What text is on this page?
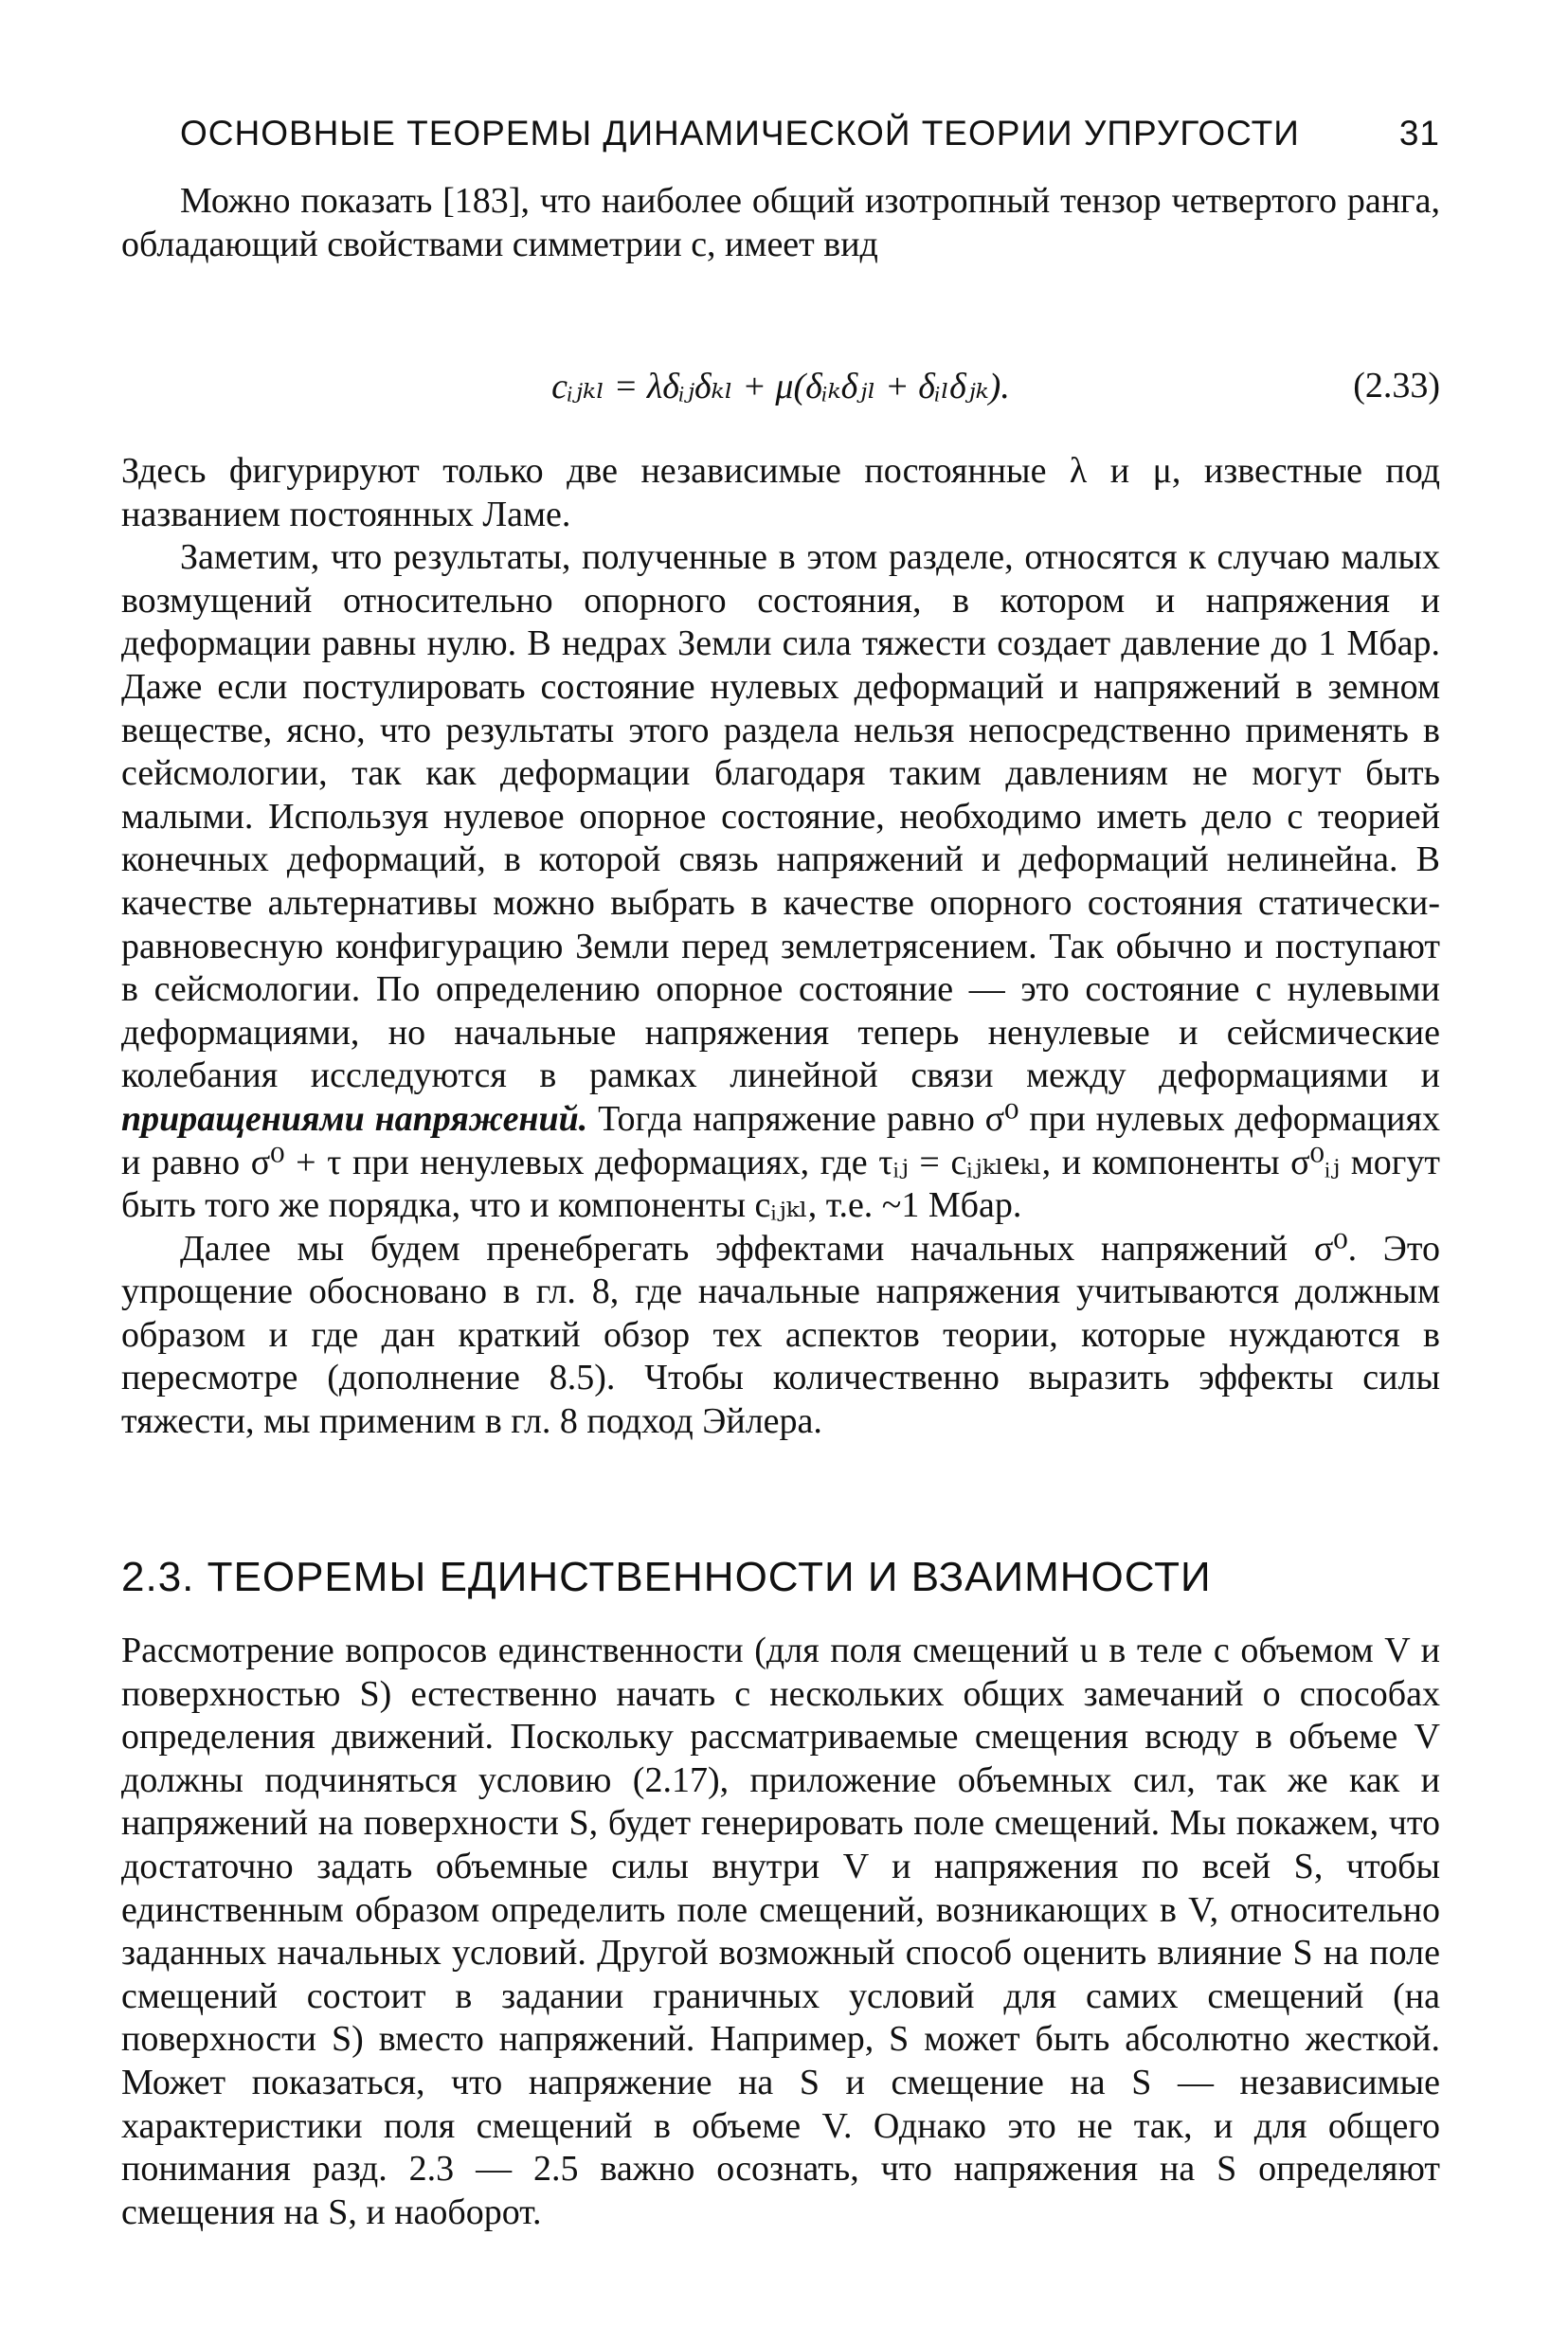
ОСНОВНЫЕ ТЕОРЕМЫ ДИНАМИЧЕСКОЙ ТЕОРИИ УПРУГОСТИ	31

Можно показать [183], что наиболее общий изотропный тензор четвертого ранга, обладающий свойствами симметрии c, имеет вид

cᵢⱼₖₗ = λδᵢⱼδₖₗ + μ(δᵢₖδⱼₗ + δᵢₗδⱼₖ).	(2.33)

Здесь фигурируют только две независимые постоянные λ и μ, известные под названием постоянных Ламе.

Заметим, что результаты, полученные в этом разделе, относятся к случаю малых возмущений относительно опорного состояния, в котором и напряжения и деформации равны нулю. В недрах Земли сила тяжести создает давление до 1 Мбар. Даже если постулировать состояние нулевых деформаций и напряжений в земном веществе, ясно, что результаты этого раздела нельзя непосредственно применять в сейсмологии, так как деформации благодаря таким давлениям не могут быть малыми. Используя нулевое опорное состояние, необходимо иметь дело с теорией конечных деформаций, в которой связь напряжений и деформаций нелинейна. В качестве альтернативы можно выбрать в качестве опорного состояния статически-равновесную конфигурацию Земли перед землетрясением. Так обычно и поступают в сейсмологии. По определению опорное состояние — это состояние с нулевыми деформациями, но начальные напряжения теперь ненулевые и сейсмические колебания исследуются в рамках линейной связи между деформациями и приращениями напряжений. Тогда напряжение равно σ⁰ при нулевых деформациях и равно σ⁰ + τ при ненулевых деформациях, где τᵢⱼ = cᵢⱼₖₗeₖₗ, и компоненты σ⁰ᵢⱼ могут быть того же порядка, что и компоненты cᵢⱼₖₗ, т.е. ~1 Мбар.

Далее мы будем пренебрегать эффектами начальных напряжений σ⁰. Это упрощение обосновано в гл. 8, где начальные напряжения учитываются должным образом и где дан краткий обзор тех аспектов теории, которые нуждаются в пересмотре (дополнение 8.5). Чтобы количественно выразить эффекты силы тяжести, мы применим в гл. 8 подход Эйлера.

2.3. ТЕОРЕМЫ ЕДИНСТВЕННОСТИ И ВЗАИМНОСТИ

Рассмотрение вопросов единственности (для поля смещений u в теле с объемом V и поверхностью S) естественно начать с нескольких общих замечаний о способах определения движений. Поскольку рассматриваемые смещения всюду в объеме V должны подчиняться условию (2.17), приложение объемных сил, так же как и напряжений на поверхности S, будет генерировать поле смещений. Мы покажем, что достаточно задать объемные силы внутри V и напряжения по всей S, чтобы единственным образом определить поле смещений, возникающих в V, относительно заданных начальных условий. Другой возможный способ оценить влияние S на поле смещений состоит в задании граничных условий для самих смещений (на поверхности S) вместо напряжений. Например, S может быть абсолютно жесткой. Может показаться, что напряжение на S и смещение на S — независимые характеристики поля смещений в объеме V. Однако это не так, и для общего понимания разд. 2.3 — 2.5 важно осознать, что напряжения на S определяют смещения на S, и наоборот.
